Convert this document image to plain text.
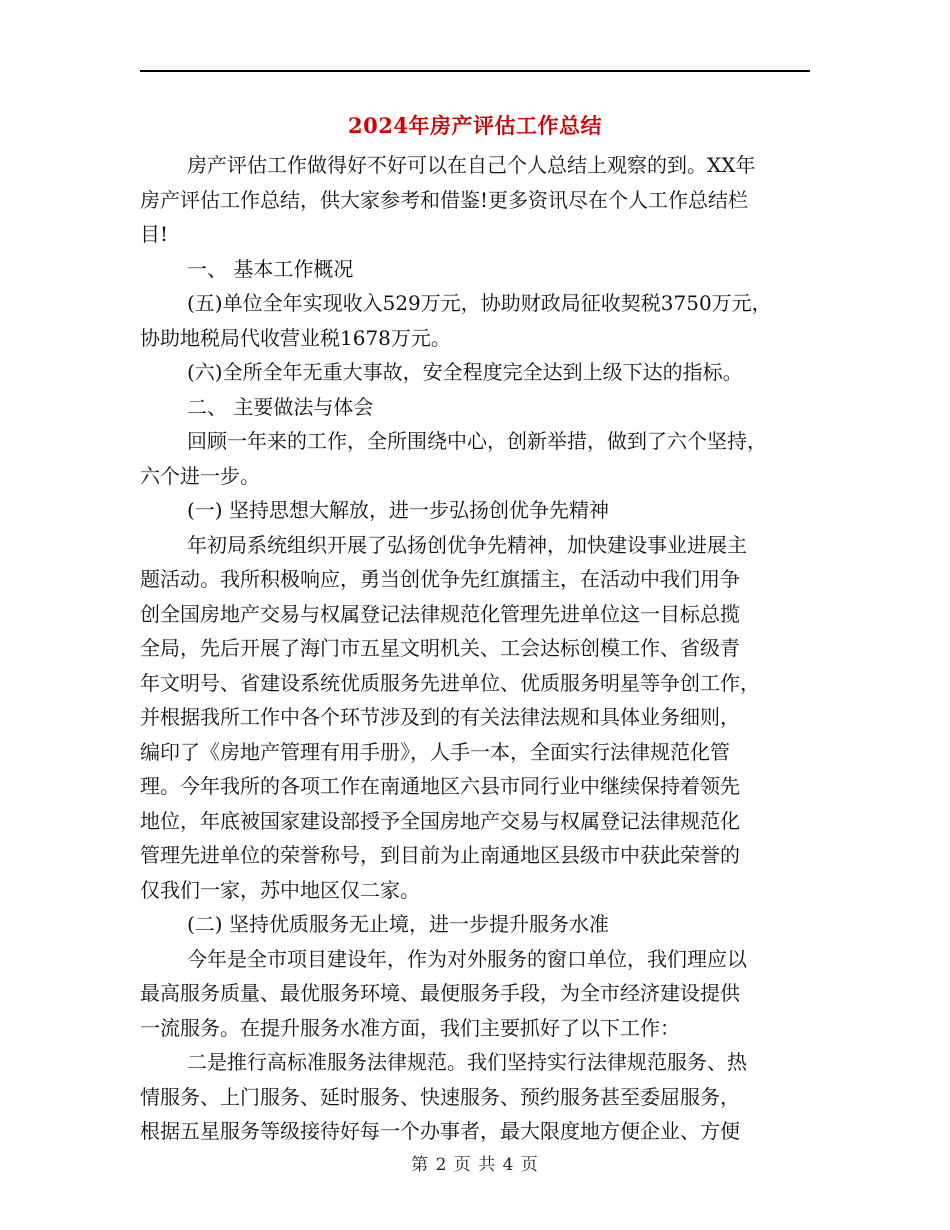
2024年房产评估工作总结

房产评估工作做得好不好可以在自己个人总结上观察的到。XX年
房产评估工作总结，供大家参考和借鉴!更多资讯尽在个人工作总结栏
目!

一、 基本工作概况

(五)单位全年实现收入529万元，协助财政局征收契税3750万元，
协助地税局代收营业税1678万元。

(六)全所全年无重大事故，安全程度完全达到上级下达的指标。

二、 主要做法与体会

回顾一年来的工作，全所围绕中心，创新举措，做到了六个坚持，
六个进一步。

(一) 坚持思想大解放，进一步弘扬创优争先精神

年初局系统组织开展了弘扬创优争先精神，加快建设事业进展主
题活动。我所积极响应，勇当创优争先红旗擂主，在活动中我们用争
创全国房地产交易与权属登记法律规范化管理先进单位这一目标总揽
全局，先后开展了海门市五星文明机关、工会达标创模工作、省级青
年文明号、省建设系统优质服务先进单位、优质服务明星等争创工作，
并根据我所工作中各个环节涉及到的有关法律法规和具体业务细则，
编印了《房地产管理有用手册》，人手一本，全面实行法律规范化管
理。今年我所的各项工作在南通地区六县市同行业中继续保持着领先
地位，年底被国家建设部授予全国房地产交易与权属登记法律规范化
管理先进单位的荣誉称号，到目前为止南通地区县级市中获此荣誉的
仅我们一家，苏中地区仅二家。

(二) 坚持优质服务无止境，进一步提升服务水准

今年是全市项目建设年，作为对外服务的窗口单位，我们理应以
最高服务质量、最优服务环境、最便服务手段，为全市经济建设提供
一流服务。在提升服务水准方面，我们主要抓好了以下工作：

二是推行高标准服务法律规范。我们坚持实行法律规范服务、热
情服务、上门服务、延时服务、快速服务、预约服务甚至委屈服务，
根据五星服务等级接待好每一个办事者，最大限度地方便企业、方便

第 2 页 共 4 页
